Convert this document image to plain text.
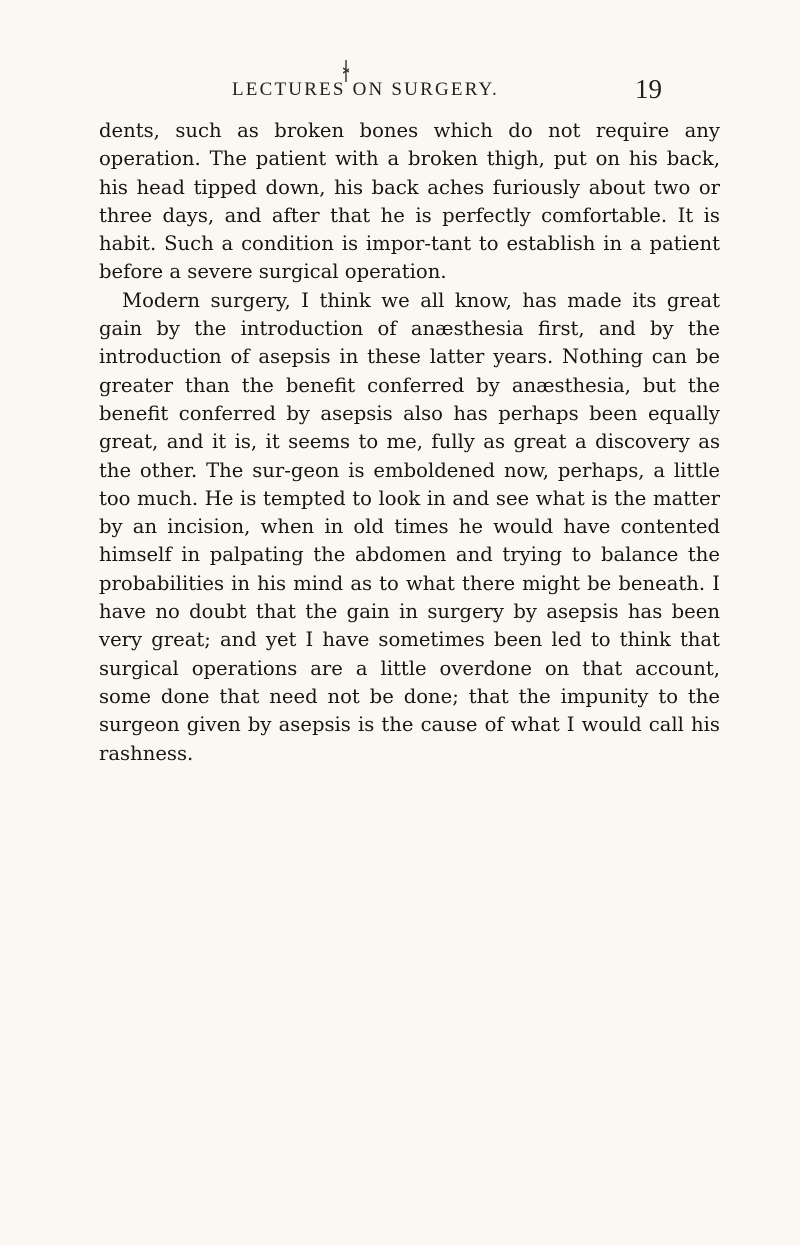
LECTURES ON SURGERY.	19

dents, such as broken bones which do not require any operation. The patient with a broken thigh, put on his back, his head tipped down, his back aches furiously about two or three days, and after that he is perfectly comfortable. It is habit. Such a condition is impor-tant to establish in a patient before a severe surgical operation.

Modern surgery, I think we all know, has made its great gain by the introduction of anæsthesia first, and by the introduction of asepsis in these latter years. Nothing can be greater than the benefit conferred by anæsthesia, but the benefit conferred by asepsis also has perhaps been equally great, and it is, it seems to me, fully as great a discovery as the other. The sur-geon is emboldened now, perhaps, a little too much. He is tempted to look in and see what is the matter by an incision, when in old times he would have contented himself in palpating the abdomen and trying to balance the probabilities in his mind as to what there might be beneath. I have no doubt that the gain in surgery by asepsis has been very great; and yet I have sometimes been led to think that surgical operations are a little overdone on that account, some done that need not be done; that the impunity to the surgeon given by asepsis is the cause of what I would call his rashness.
